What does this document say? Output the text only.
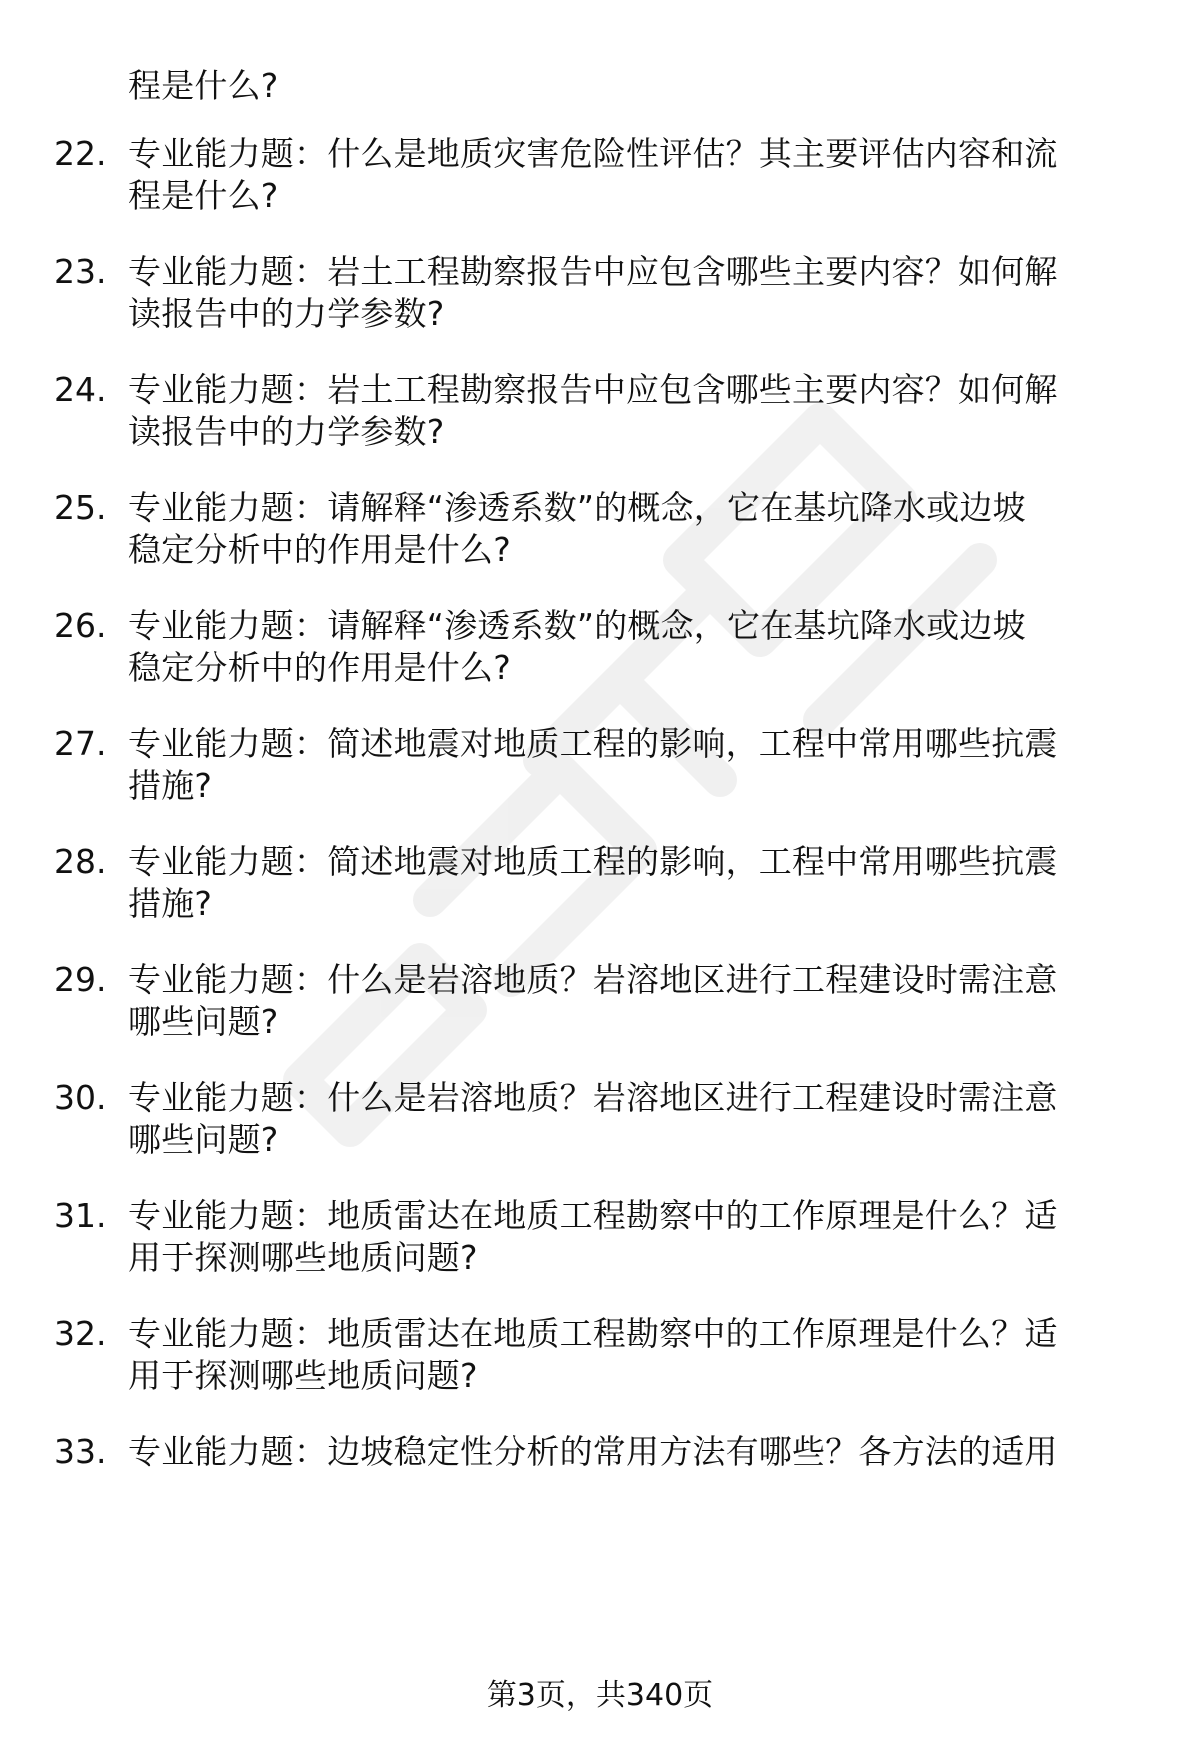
程是什么?
22. 专业能力题：什么是地质灾害危险性评估？其主要评估内容和流
程是什么?
23. 专业能力题：岩土工程勘察报告中应包含哪些主要内容？如何解
读报告中的力学参数?
24. 专业能力题：岩土工程勘察报告中应包含哪些主要内容？如何解
读报告中的力学参数?
25. 专业能力题：请解释“渗透系数”的概念，它在基坑降水或边坡
稳定分析中的作用是什么?
26. 专业能力题：请解释“渗透系数”的概念，它在基坑降水或边坡
稳定分析中的作用是什么?
27. 专业能力题：简述地震对地质工程的影响，工程中常用哪些抗震
措施?
28. 专业能力题：简述地震对地质工程的影响，工程中常用哪些抗震
措施?
29. 专业能力题：什么是岩溶地质？岩溶地区进行工程建设时需注意
哪些问题?
30. 专业能力题：什么是岩溶地质？岩溶地区进行工程建设时需注意
哪些问题?
31. 专业能力题：地质雷达在地质工程勘察中的工作原理是什么？适
用于探测哪些地质问题?
32. 专业能力题：地质雷达在地质工程勘察中的工作原理是什么？适
用于探测哪些地质问题?
33. 专业能力题：边坡稳定性分析的常用方法有哪些？各方法的适用
第3页，共340页
